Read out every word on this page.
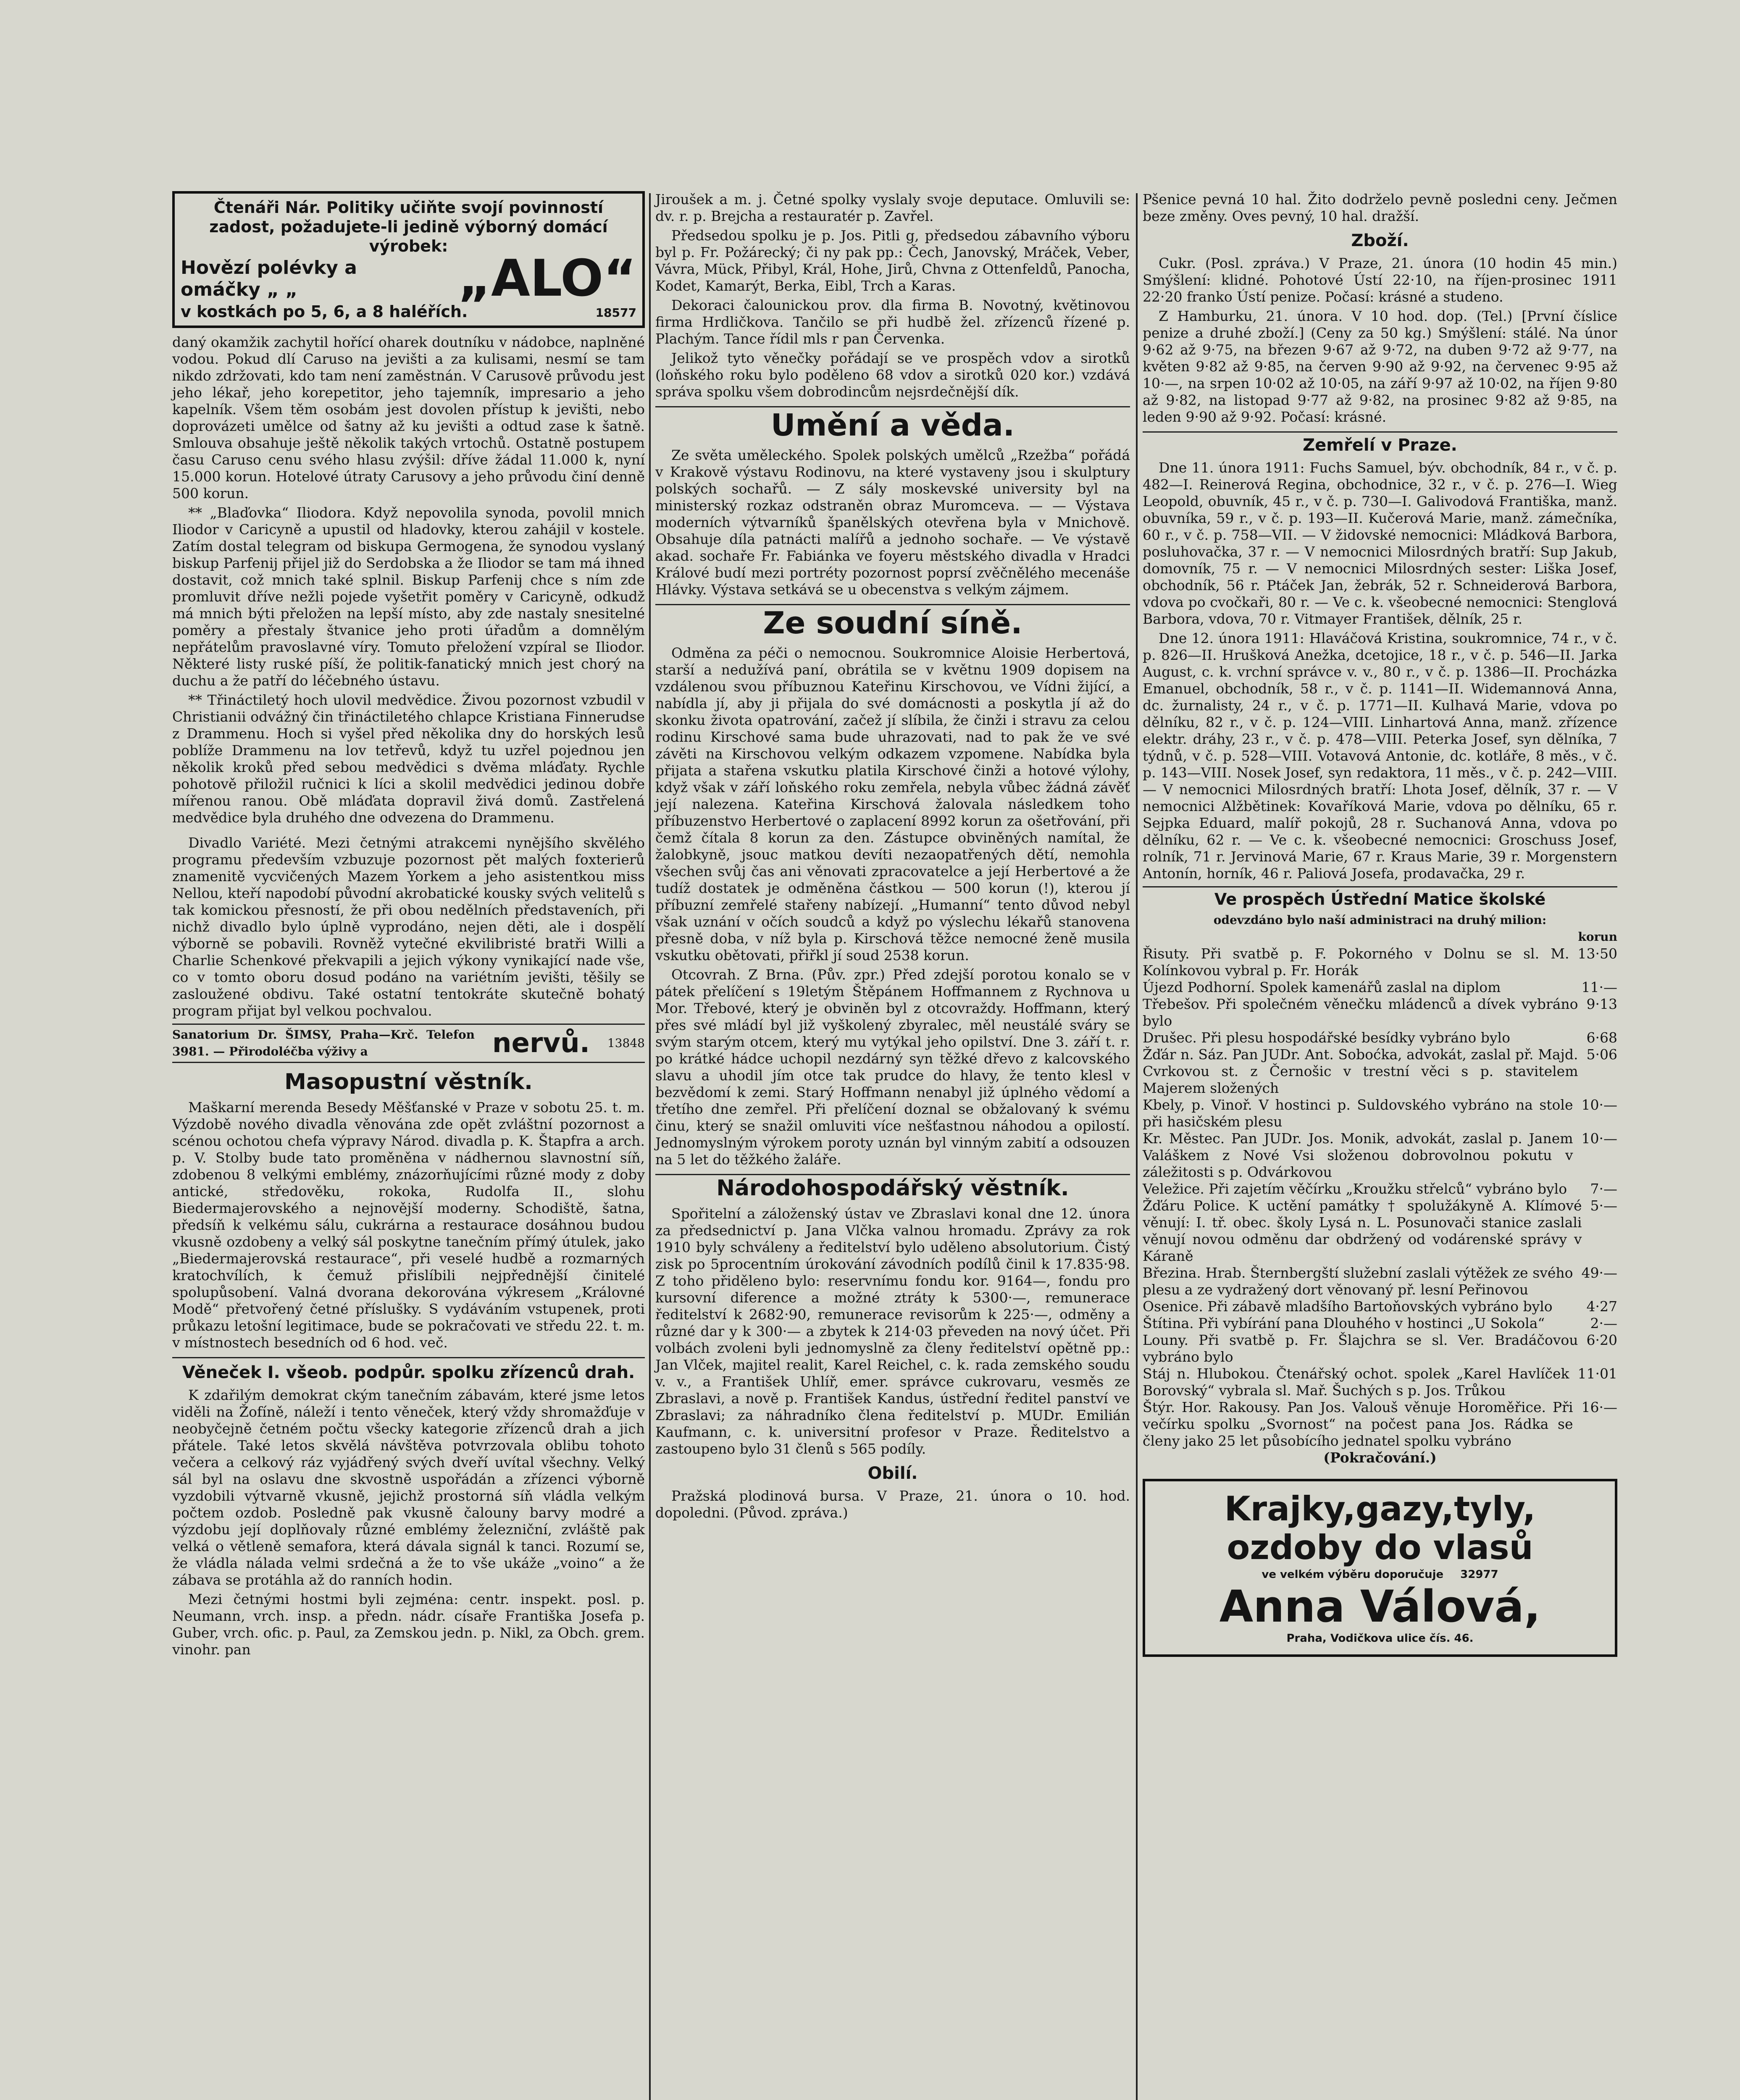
Čtenáři Nár. Politiky učiňte svojí povinností zadost, požadujete-li jedině výborný domácí výrobek:
Hovězí polévky a omáčky „ „	„ALO“
v kostkách po 5, 6, a 8 haléřích.	18577

daný okamžik zachytil hořící oharek doutníku v nádobce, naplněné vodou. Pokud dlí Caruso na jevišti a za kulisami, nesmí se tam nikdo zdržovati, kdo tam není zaměstnán. V Carusově průvodu jest jeho lékař, jeho korepetitor, jeho tajemník, impresario a jeho kapelník. Všem těm osobám jest dovolen přístup k jevišti, nebo doprovázeti umělce od šatny až ku jevišti a odtud zase k šatně. Smlouva obsahuje ještě několik takých vrtochů. Ostatně postupem času Caruso cenu svého hlasu zvýšil: dříve žádal 11.000 k, nyní 15.000 korun. Hotelové útraty Carusovy a jeho průvodu činí denně 500 korun.

** „Blaďovka“ Iliodora. Když nepovolila synoda, povolil mnich Iliodor v Caricyně a upustil od hladovky, kterou zahájil v kostele. Zatím dostal telegram od biskupa Germogena, že synodou vyslaný biskup Parfenij přijel již do Serdobska a že Iliodor se tam má ihned dostavit, což mnich také splnil. Biskup Parfenij chce s ním zde promluvit dříve nežli pojede vyšetřit poměry v Caricyně, odkudž má mnich býti přeložen na lepší místo, aby zde nastaly snesitelné poměry a přestaly štvanice jeho proti úřadům a domnělým nepřátelům pravoslavné víry. Tomuto přeložení vzpíral se Iliodor. Některé listy ruské píší, že politik-fanatický mnich jest chorý na duchu a že patří do léčebného ústavu.

** Třináctiletý hoch ulovil medvědice. Živou pozornost vzbudil v Christianii odvážný čin třináctiletého chlapce Kristiana Finnerudse z Drammenu. Hoch si vyšel před několika dny do horských lesů poblíže Drammenu na lov tetřevů, když tu uzřel pojednou jen několik kroků před sebou medvědici s dvěma mláďaty. Rychle pohotově přiložil ručnici k líci a skolil medvědici jedinou dobře mířenou ranou. Obě mláďata dopravil živá domů. Zastřelená medvědice byla druhého dne odvezena do Drammenu.

Divadlo Variété. Mezi četnými atrakcemi nynějšího skvělého programu především vzbuzuje pozornost pět malých foxterierů znamenitě vycvičených Mazem Yorkem a jeho asistentkou miss Nellou, kteří napodobí původní akrobatické kousky svých velitelů s tak komickou přesností, že při obou nedělních představeních, při nichž divadlo bylo úplně vyprodáno, nejen děti, ale i dospělí výborně se pobavili. Rovněž vytečné ekvilibristé bratři Willi a Charlie Schenkové překvapili a jejich výkony vynikající nade vše, co v tomto oboru dosud podáno na variétním jevišti, těšily se zasloužené obdivu. Také ostatní tentokráte skutečně bohatý program přijat byl velkou pochvalou.

Sanatorium Dr. ŠIMSY, Praha—Krč. Telefon 3981. — Přirodoléčba výživy a	nervů. 13848
Masopustní věstník.

Maškarní merenda Besedy Měšťanské v Praze v sobotu 25. t. m. Výzdobě nového divadla věnována zde opět zvláštní pozornost a scénou ochotou chefa výpravy Národ. divadla p. K. Štapfra a arch. p. V. Stolby bude tato proměněna v nádhernou slavnostní síň, zdobenou 8 velkými emblémy, znázorňujícími různé mody z doby antické, středověku, rokoka, Rudolfa II., slohu Biedermajerovského a nejnovější moderny. Schodiště, šatna, předsíň k velkému sálu, cukrárna a restaurace dosáhnou budou vkusně ozdobeny a velký sál poskytne tanečním přímý útulek, jako „Biedermajerovská restaurace“, při veselé hudbě a rozmarných kratochvílích, k čemuž přislíbili nejpřednější činitelé spolupůsobení. Valná dvorana dekorována výkresem „Královné Modě“ přetvořený četné příslušky. S vydáváním vstupenek, proti průkazu letošní legitimace, bude se pokračovati ve středu 22. t. m. v místnostech besedních od 6 hod. več.

Věneček I. všeob. podpůr. spolku zřízenců drah.

K zdařilým demokrat ckým tanečním zábavám, které jsme letos viděli na Žofíně, náleží i tento věneček, který vždy shromažďuje v neobyčejně četném počtu všecky kategorie zřízenců drah a jich přátele. Také letos skvělá návštěva potvrzovala oblibu tohoto večera a celkový ráz vyjádřený svých dveří uvítal všechny. Velký sál byl na oslavu dne skvostně uspořádán a zřízenci výborně vyzdobili výtvarně vkusně, jejichž prostorná síň vládla velkým počtem ozdob. Posledně pak vkusně čalouny barvy modré a výzdobu její doplňovaly různé emblémy železniční, zvláště pak velká o větleně semafora, která dávala signál k tanci. Rozumí se, že vládla nálada velmi srdečná a že to vše ukáže „voino“ a že zábava se protáhla až do ranních hodin.

Mezi četnými hostmi byli zejména: centr. inspekt. posl. p. Neumann, vrch. insp. a předn. nádr. císaře Františka Josefa p. Guber, vrch. ofic. p. Paul, za Zemskou jedn. p. Nikl, za Obch. grem. vinohr. pan

Jiroušek a m. j. Četné spolky vyslaly svoje deputace. Omluvili se: dv. r. p. Brejcha a restauratér p. Zavřel.

Předsedou spolku je p. Jos. Pitli g, předsedou zábavního výboru byl p. Fr. Požárecký; či ny pak pp.: Čech, Janovský, Mráček, Veber, Vávra, Mück, Přibyl, Král, Hohe, Jirů, Chvna z Ottenfeldů, Panocha, Kodet, Kamarýt, Berka, Eibl, Trch a Karas.

Dekoraci čalounickou prov. dla firma B. Novotný, květinovou firma Hrdličkova. Tančilo se při hudbě žel. zřízenců řízené p. Plachým. Tance řídil mls r pan Červenka.

Jelikož tyto věnečky pořádají se ve prospěch vdov a sirotků (loňského roku bylo poděleno 68 vdov a sirotků 020 kor.) vzdává správa spolku všem dobrodincům nejsrdečnější dík.

Umění a věda.

Ze světa uměleckého. Spolek polských umělců „Rzežba“ pořádá v Krakově výstavu Rodinovu, na které vystaveny jsou i skulptury polských sochařů. — Z sály moskevské university byl na ministerský rozkaz odstraněn obraz Muromceva. — — Výstava moderních výtvarníků španělských otevřena byla v Mnichově. Obsahuje díla patnácti malířů a jednoho sochaře. — Ve výstavě akad. sochaře Fr. Fabiánka ve foyeru městského divadla v Hradci Králové budí mezi portréty pozornost poprsí zvěčnělého mecenáše Hlávky. Výstava setkává se u obecenstva s velkým zájmem.

Ze soudní síně.

Odměna za péči o nemocnou. Soukromnice Aloisie Herbertová, starší a nedužívá paní, obrátila se v květnu 1909 dopisem na vzdálenou svou příbuznou Kateřinu Kirschovou, ve Vídni žijící, a nabídla jí, aby ji přijala do své domácnosti a poskytla jí až do skonku života opatrování, začež jí slíbila, že činži i stravu za celou rodinu Kirschové sama bude uhrazovati, nad to pak že ve své závěti na Kirschovou velkým odkazem vzpomene. Nabídka byla přijata a stařena vskutku platila Kirschové činži a hotové výlohy, když však v září loňského roku zemřela, nebyla vůbec žádná závěť její nalezena. Kateřina Kirschová žalovala následkem toho příbuzenstvo Herbertové o zaplacení 8992 korun za ošetřování, při čemž čítala 8 korun za den. Zástupce obviněných namítal, že žalobkyně, jsouc matkou devíti nezaopatřených dětí, nemohla všechen svůj čas ani věnovati zpracovatelce a její Herbertové a že tudíž dostatek je odměněna částkou — 500 korun (!), kterou jí příbuzní zemřelé stařeny nabízejí. „Humanní“ tento důvod nebyl však uznání v očích soudců a když po výslechu lékařů stanovena přesně doba, v níž byla p. Kirschová těžce nemocné ženě musila vskutku obětovati, přiřkl jí soud 2538 korun.

Otcovrah. Z Brna. (Pův. zpr.) Před zdejší porotou konalo se v pátek přelíčení s 19letým Štěpánem Hoffmannem z Rychnova u Mor. Třebové, který je obviněn byl z otcovraždy. Hoffmann, který přes své mládí byl již vyškolený zbyralec, měl neustálé sváry se svým starým otcem, který mu vytýkal jeho opilství. Dne 3. září t. r. po krátké hádce uchopil nezdárný syn těžké dřevo z kalcovského slavu a uhodil jím otce tak prudce do hlavy, že tento klesl v bezvědomí k zemi. Starý Hoffmann nenabyl již úplného vědomí a třetího dne zemřel. Při přelíčení doznal se obžalovaný k svému činu, který se snažil omluviti více nešťastnou náhodou a opilostí. Jednomyslným výrokem poroty uznán byl vinným zabití a odsouzen na 5 let do těžkého žaláře.

Národohospodářský věstník.

Spořitelní a záloženský ústav ve Zbraslavi konal dne 12. února za předsednictví p. Jana Vlčka valnou hromadu. Zprávy za rok 1910 byly schváleny a ředitelství bylo uděleno absolutorium. Čistý zisk po 5procentním úrokování závodních podílů činil k 17.835·98. Z toho přiděleno bylo: reservnímu fondu kor. 9164—, fondu pro kursovní diference a možné ztráty k 5300·—, remunerace ředitelství k 2682·90, remunerace revisorům k 225·—, odměny a různé dar y k 300·— a zbytek k 214·03 převeden na nový účet. Při volbách zvoleni byli jednomyslně za členy ředitelství opětně pp.: Jan Vlček, majitel realit, Karel Reichel, c. k. rada zemského soudu v. v., a František Uhlíř, emer. správce cukrovaru, vesměs ze Zbraslavi, a nově p. František Kandus, ústřední ředitel panství ve Zbraslavi; za náhradníko člena ředitelství p. MUDr. Emilián Kaufmann, c. k. universitní profesor v Praze. Ředitelstvo a zastoupeno bylo 31 členů s 565 podíly.

Obilí.

Pražská plodinová bursa. V Praze, 21. února o 10. hod. dopoledni. (Původ. zpráva.)

Pšenice pevná 10 hal. Žito dodrželo pevně posledni ceny. Ječmen beze změny. Oves pevný, 10 hal. dražší.

Zboží.

Cukr. (Posl. zpráva.) V Praze, 21. února (10 hodin 45 min.) Smýšlení: klidné. Pohotové Ústí 22·10, na říjen-prosinec 1911 22·20 franko Ústí penize. Počasí: krásné a studeno.

Z Hamburku, 21. února. V 10 hod. dop. (Tel.) [První číslice penize a druhé zboží.] (Ceny za 50 kg.) Smýšlení: stálé. Na únor 9·62 až 9·75, na březen 9·67 až 9·72, na duben 9·72 až 9·77, na květen 9·82 až 9·85, na červen 9·90 až 9·92, na červenec 9·95 až 10·—, na srpen 10·02 až 10·05, na září 9·97 až 10·02, na říjen 9·80 až 9·82, na listopad 9·77 až 9·82, na prosinec 9·82 až 9·85, na leden 9·90 až 9·92. Počasí: krásné.

Zemřelí v Praze.

Dne 11. února 1911: Fuchs Samuel, býv. obchodník, 84 r., v č. p. 482—I. Reinerová Regina, obchodnice, 32 r., v č. p. 276—I. Wieg Leopold, obuvník, 45 r., v č. p. 730—I. Galivodová Františka, manž. obuvníka, 59 r., v č. p. 193—II. Kučerová Marie, manž. zámečníka, 60 r., v č. p. 758—VII. — V židovské nemocnici: Mládková Barbora, posluhovačka, 37 r. — V nemocnici Milosrdných bratří: Sup Jakub, domovník, 75 r. — V nemocnici Milosrdných sester: Liška Josef, obchodník, 56 r. Ptáček Jan, žebrák, 52 r. Schneiderová Barbora, vdova po cvočkaři, 80 r. — Ve c. k. všeobecné nemocnici: Stenglová Barbora, vdova, 70 r. Vitmayer František, dělník, 25 r.

Dne 12. února 1911: Hlaváčová Kristina, soukromnice, 74 r., v č. p. 826—II. Hrušková Anežka, dcetojice, 18 r., v č. p. 546—II. Jarka August, c. k. vrchní správce v. v., 80 r., v č. p. 1386—II. Procházka Emanuel, obchodník, 58 r., v č. p. 1141—II. Widemannová Anna, dc. žurnalisty, 24 r., v č. p. 1771—II. Kulhavá Marie, vdova po dělníku, 82 r., v č. p. 124—VIII. Linhartová Anna, manž. zřízence elektr. dráhy, 23 r., v č. p. 478—VIII. Peterka Josef, syn dělníka, 7 týdnů, v č. p. 528—VIII. Votavová Antonie, dc. kotláře, 8 měs., v č. p. 143—VIII. Nosek Josef, syn redaktora, 11 měs., v č. p. 242—VIII. — V nemocnici Milosrdných bratří: Lhota Josef, dělník, 37 r. — V nemocnici Alžbětinek: Kovaříková Marie, vdova po dělníku, 65 r. Sejpka Eduard, malíř pokojů, 28 r. Suchanová Anna, vdova po dělníku, 62 r. — Ve c. k. všeobecné nemocnici: Groschuss Josef, rolník, 71 r. Jervinová Marie, 67 r. Kraus Marie, 39 r. Morgenstern Antonín, horník, 46 r. Paliová Josefa, prodavačka, 29 r.

Ve prospěch Ústřední Matice školské
odevzdáno bylo naší administraci na druhý milion:
korun
Řisuty. Při svatbě p. F. Pokorného v Dolnu se sl. M. Kolínkovou vybral p. Fr. Horák
13·50
Újezd Podhorní. Spolek kamenářů zaslal na diplom	11·—
Třebešov. Při společném věnečku mládenců a dívek vybráno bylo
9·13
Drušec. Při plesu hospodářské besídky vybráno bylo	6·68
Žďár n. Sáz. Pan JUDr. Ant. Soboćka, advokát, zaslal př. Majd. Cvrkovou st. z Černošic v trestní věci s p. stavitelem Majerem složených
5·06
Kbely, p. Vinoř. V hostinci p. Suldovského vybráno na stole při hasičském plesu
10·—
Kr. Městec. Pan JUDr. Jos. Monik, advokát, zaslal p. Janem Valáškem z Nové Vsi složenou dobrovolnou pokutu v záležitosti s p. Odvárkovou
10·—
Veležice. Při zajetím věčírku „Kroužku střelců“ vybráno bylo 7·—
Žďáru Police. K uctění památky † spolužákyně A. Klímové věnují: I. tř. obec. školy Lysá n. L. Posunovači stanice zaslali věnují novou odměnu dar obdržený od vodárenské správy v Káraně
5·—
Březina. Hrab. Šternbergští služební zaslali výtěžek ze svého plesu a ze vydražený dort věnovaný př. lesní Peřinovou
49·—
Osenice. Při zábavě mladšího Bartoňovských vybráno bylo 4·27
Štítina. Při vybírání pana Dlouhého v hostinci „U Sokola“	2·—
Louny. Při svatbě p. Fr. Šlajchra se sl. Ver. Bradáčovou vybráno bylo
6·20
Stáj n. Hlubokou. Čtenářský ochot. spolek „Karel Havlíček Borovský“ vybrala sl. Mař. Šuchých s p. Jos. Trůkou
11·01
Štýr. Hor. Rakousy. Pan Jos. Valouš věnuje Horoměřice. Při večírku spolku „Svornost“ na počest pana Jos. Rádka se členy jako 25 let působícího jednatel spolku vybráno
16·—
(Pokračování.)
Krajky,gazy,tyly,
ozdoby do vlasů
ve velkém výběru doporučuje 32977
Anna Válová,
Praha, Vodičkova ulice čís. 46.
